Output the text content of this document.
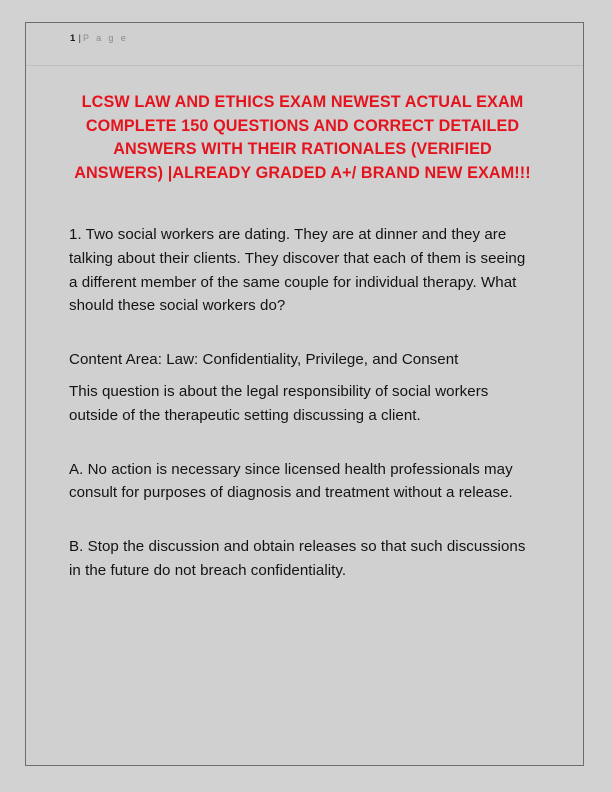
1 | P a g e
LCSW LAW AND ETHICS EXAM NEWEST ACTUAL EXAM COMPLETE 150 QUESTIONS AND CORRECT DETAILED ANSWERS WITH THEIR RATIONALES (VERIFIED ANSWERS) |ALREADY GRADED A+/ BRAND NEW EXAM!!!

1. Two social workers are dating. They are at dinner and they are talking about their clients. They discover that each of them is seeing a different member of the same couple for individual therapy. What should these social workers do?

Content Area: Law: Confidentiality, Privilege, and Consent

This question is about the legal responsibility of social workers outside of the therapeutic setting discussing a client.

A. No action is necessary since licensed health professionals may consult for purposes of diagnosis and treatment without a release.

B. Stop the discussion and obtain releases so that such discussions in the future do not breach confidentiality.
